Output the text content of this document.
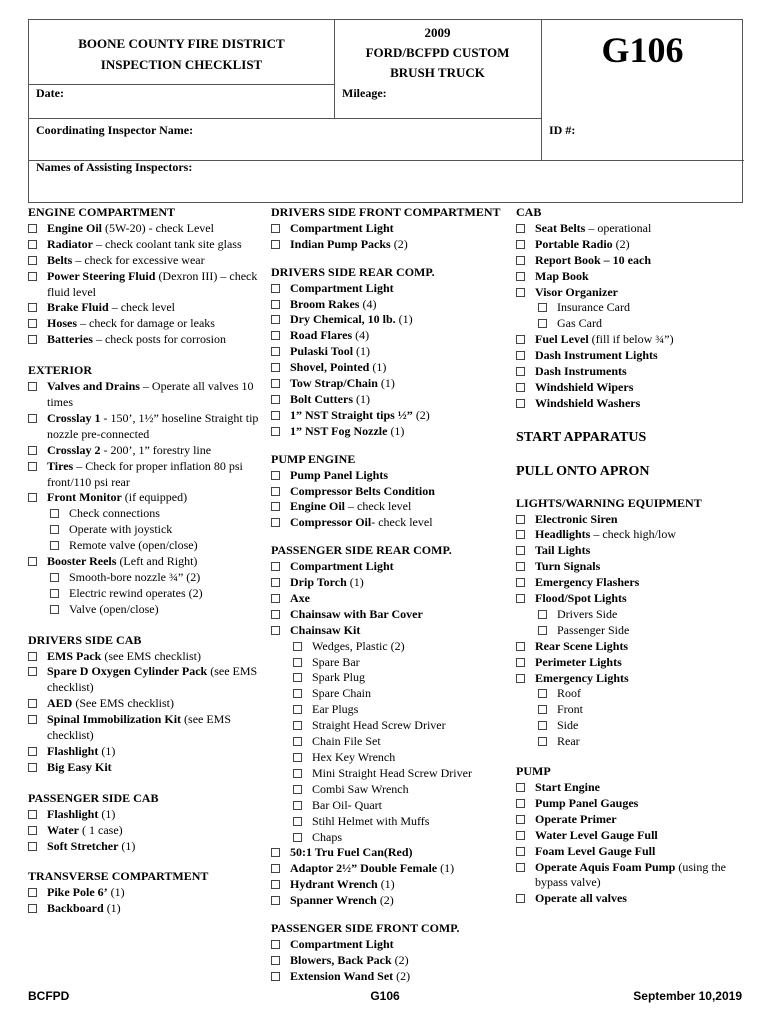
BOONE COUNTY FIRE DISTRICT
INSPECTION CHECKLIST
2009
FORD/BCFPD CUSTOM
BRUSH TRUCK
G106
Date:	Mileage:
Coordinating Inspector Name:	ID #:
Names of Assisting Inspectors:
ENGINE COMPARTMENT
Engine Oil (5W-20) - check Level
Radiator – check coolant tank site glass
Belts – check for excessive wear
Power Steering Fluid (Dexron III) – check fluid level
Brake Fluid – check level
Hoses – check for damage or leaks
Batteries – check posts for corrosion
EXTERIOR
Valves and Drains – Operate all valves 10 times
Crosslay 1 - 150’, 1½” hoseline Straight tip nozzle pre-connected
Crosslay 2 - 200’, 1” forestry line
Tires – Check for proper inflation 80 psi front/110 psi rear
Front Monitor (if equipped)
Check connections
Operate with joystick
Remote valve (open/close)
Booster Reels (Left and Right)
Smooth-bore nozzle ¾” (2)
Electric rewind operates (2)
Valve (open/close)
DRIVERS SIDE CAB
EMS Pack (see EMS checklist)
Spare D Oxygen Cylinder Pack (see EMS checklist)
AED (See EMS checklist)
Spinal Immobilization Kit (see EMS checklist)
Flashlight (1)
Big Easy Kit
PASSENGER SIDE CAB
Flashlight (1)
Water ( 1 case)
Soft Stretcher (1)
TRANSVERSE COMPARTMENT
Pike Pole 6’ (1)
Backboard (1)
DRIVERS SIDE FRONT COMPARTMENT
Compartment Light
Indian Pump Packs (2)
DRIVERS SIDE REAR COMP.
Compartment Light
Broom Rakes (4)
Dry Chemical, 10 lb. (1)
Road Flares (4)
Pulaski Tool (1)
Shovel, Pointed (1)
Tow Strap/Chain (1)
Bolt Cutters (1)
1” NST Straight tips ½” (2)
1” NST Fog Nozzle (1)
PUMP ENGINE
Pump Panel Lights
Compressor Belts Condition
Engine Oil – check level
Compressor Oil- check level
PASSENGER SIDE REAR COMP.
Compartment Light
Drip Torch (1)
Axe
Chainsaw with Bar Cover
Chainsaw Kit
Wedges, Plastic (2)
Spare Bar
Spark Plug
Spare Chain
Ear Plugs
Straight Head Screw Driver
Chain File Set
Hex Key Wrench
Mini Straight Head Screw Driver
Combi Saw Wrench
Bar Oil- Quart
Stihl Helmet with Muffs
Chaps
50:1 Tru Fuel Can(Red)
Adaptor 2½” Double Female (1)
Hydrant Wrench (1)
Spanner Wrench (2)
PASSENGER SIDE FRONT COMP.
Compartment Light
Blowers, Back Pack (2)
Extension Wand Set (2)
CAB
Seat Belts – operational
Portable Radio (2)
Report Book – 10 each
Map Book
Visor Organizer
Insurance Card
Gas Card
Fuel Level (fill if below ¾”)
Dash Instrument Lights
Dash Instruments
Windshield Wipers
Windshield Washers
START APPARATUS
PULL ONTO APRON
LIGHTS/WARNING EQUIPMENT
Electronic Siren
Headlights – check high/low
Tail Lights
Turn Signals
Emergency Flashers
Flood/Spot Lights
Drivers Side
Passenger Side
Rear Scene Lights
Perimeter Lights
Emergency Lights
Roof
Front
Side
Rear
PUMP
Start Engine
Pump Panel Gauges
Operate Primer
Water Level Gauge Full
Foam Level Gauge Full
Operate Aquis Foam Pump (using the bypass valve)
Operate all valves
BCFPD	G106	September 10,2019
